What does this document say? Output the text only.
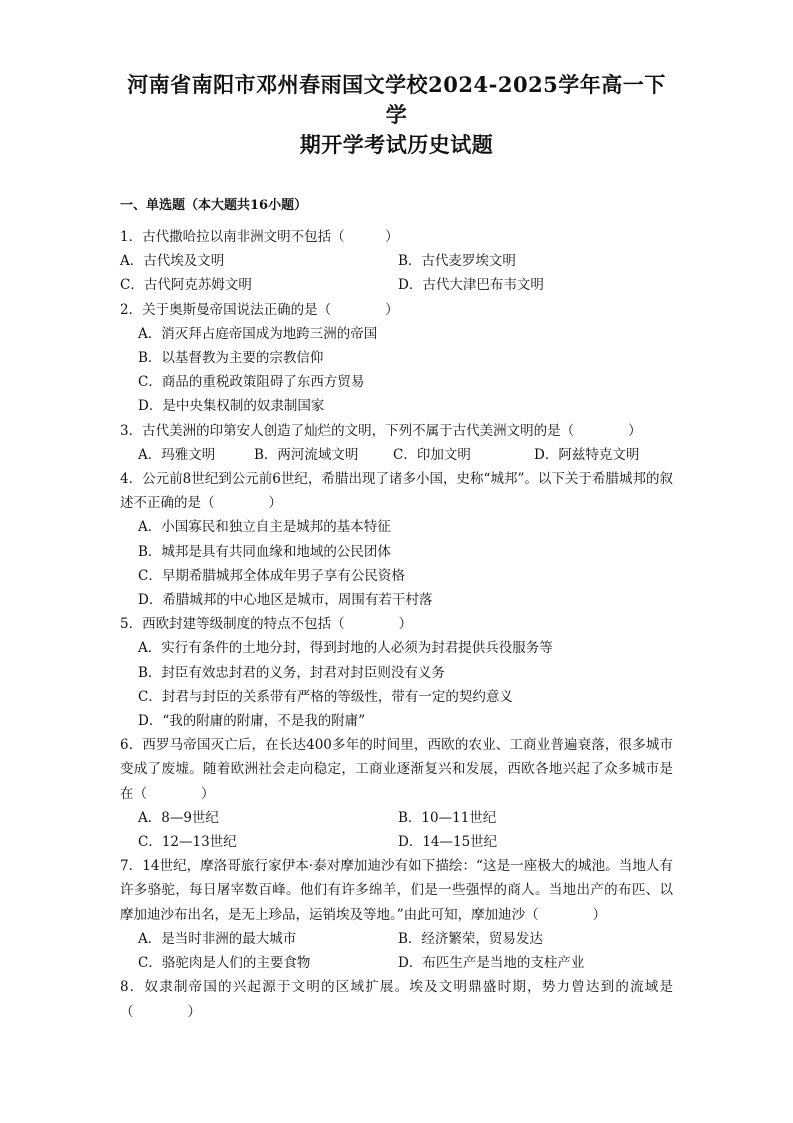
河南省南阳市邓州春雨国文学校2024-2025学年高一下学
期开学考试历史试题
一、单选题（本大题共16小题）

1．古代撒哈拉以南非洲文明不包括（　　　）

A．古代埃及文明	B．古代麦罗埃文明
C．古代阿克苏姆文明	D．古代大津巴布韦文明

2．关于奥斯曼帝国说法正确的是（　　　　）

A．消灭拜占庭帝国成为地跨三洲的帝国
B．以基督教为主要的宗教信仰
C．商品的重税政策阻碍了东西方贸易
D．是中央集权制的奴隶制国家

3．古代美洲的印第安人创造了灿烂的文明，下列不属于古代美洲文明的是（　　　　）

A．玛雅文明	B．两河流域文明	C．印加文明	D．阿兹特克文明

4．公元前8世纪到公元前6世纪，希腊出现了诸多小国，史称“城邦”。以下关于希腊城邦的叙述不正确的是（　　　　）

A．小国寡民和独立自主是城邦的基本特征
B．城邦是具有共同血缘和地域的公民团体
C．早期希腊城邦全体成年男子享有公民资格
D．希腊城邦的中心地区是城市，周围有若干村落

5．西欧封建等级制度的特点不包括（　　　　）

A．实行有条件的土地分封，得到封地的人必须为封君提供兵役服务等
B．封臣有效忠封君的义务，封君对封臣则没有义务
C．封君与封臣的关系带有严格的等级性，带有一定的契约意义
D．“我的附庸的附庸，不是我的附庸”

6．西罗马帝国灭亡后，在长达400多年的时间里，西欧的农业、工商业普遍衰落，很多城市变成了废墟。随着欧洲社会走向稳定，工商业逐渐复兴和发展，西欧各地兴起了众多城市是在（　　　　）

A．8—9世纪	B．10—11世纪
C．12—13世纪	D．14—15世纪

7．14世纪，摩洛哥旅行家伊本·泰对摩加迪沙有如下描绘：“这是一座极大的城池。当地人有许多骆驼，每日屠宰数百峰。他们有许多绵羊，们是一些强悍的商人。当地出产的布匹、以摩加迪沙布出名，是无上珍品，运销埃及等地。”由此可知，摩加迪沙（　　　　）

A．是当时非洲的最大城市	B．经济繁荣，贸易发达
C．骆驼肉是人们的主要食物	D．布匹生产是当地的支柱产业

8．奴隶制帝国的兴起源于文明的区域扩展。埃及文明鼎盛时期，势力曾达到的流域是（　　　　）
